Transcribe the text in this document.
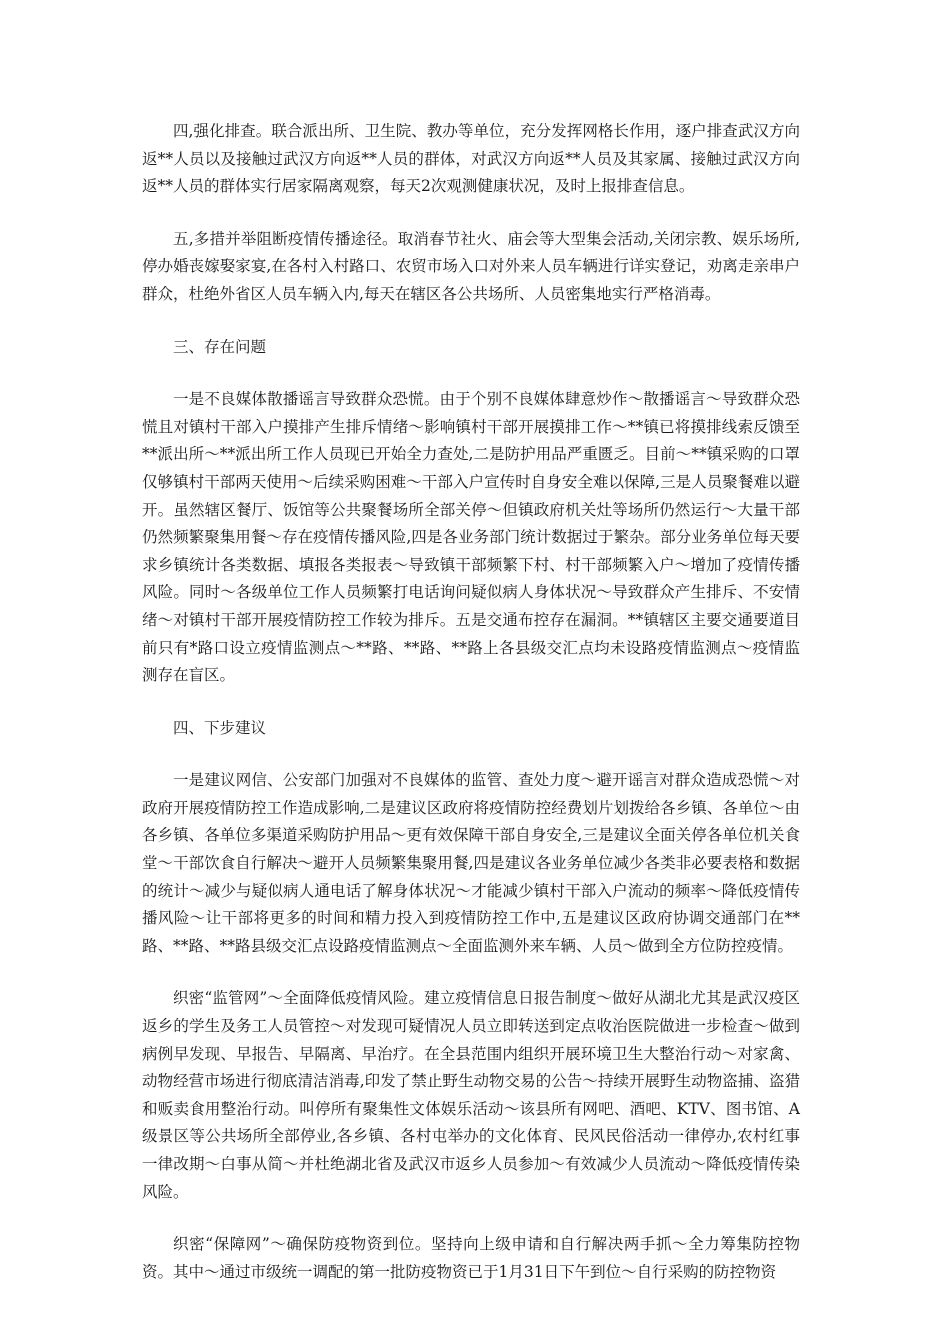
四,强化排查。联合派出所、卫生院、教办等单位，充分发挥网格长作用，逐户排查武汉方向返**人员以及接触过武汉方向返**人员的群体，对武汉方向返**人员及其家属、接触过武汉方向返**人员的群体实行居家隔离观察，每天2次观测健康状况，及时上报排查信息。

五,多措并举阻断疫情传播途径。取消春节社火、庙会等大型集会活动,关闭宗教、娱乐场所,停办婚丧嫁娶家宴,在各村入村路口、农贸市场入口对外来人员车辆进行详实登记，劝离走亲串户群众，杜绝外省区人员车辆入内,每天在辖区各公共场所、人员密集地实行严格消毒。

三、存在问题

一是不良媒体散播谣言导致群众恐慌。由于个别不良媒体肆意炒作～散播谣言～导致群众恐慌且对镇村干部入户摸排产生排斥情绪～影响镇村干部开展摸排工作～**镇已将摸排线索反馈至**派出所～**派出所工作人员现已开始全力查处,二是防护用品严重匮乏。目前～**镇采购的口罩仅够镇村干部两天使用～后续采购困难～干部入户宣传时自身安全难以保障,三是人员聚餐难以避开。虽然辖区餐厅、饭馆等公共聚餐场所全部关停～但镇政府机关灶等场所仍然运行～大量干部仍然频繁聚集用餐～存在疫情传播风险,四是各业务部门统计数据过于繁杂。部分业务单位每天要求乡镇统计各类数据、填报各类报表～导致镇干部频繁下村、村干部频繁入户～增加了疫情传播风险。同时～各级单位工作人员频繁打电话询问疑似病人身体状况～导致群众产生排斥、不安情绪～对镇村干部开展疫情防控工作较为排斥。五是交通布控存在漏洞。**镇辖区主要交通要道目前只有*路口设立疫情监测点～**路、**路、**路上各县级交汇点均未设路疫情监测点～疫情监测存在盲区。

四、下步建议

一是建议网信、公安部门加强对不良媒体的监管、查处力度～避开谣言对群众造成恐慌～对政府开展疫情防控工作造成影响,二是建议区政府将疫情防控经费划片划拨给各乡镇、各单位～由各乡镇、各单位多渠道采购防护用品～更有效保障干部自身安全,三是建议全面关停各单位机关食堂～干部饮食自行解决～避开人员频繁集聚用餐,四是建议各业务单位减少各类非必要表格和数据的统计～减少与疑似病人通电话了解身体状况～才能减少镇村干部入户流动的频率～降低疫情传播风险～让干部将更多的时间和精力投入到疫情防控工作中,五是建议区政府协调交通部门在**路、**路、**路县级交汇点设路疫情监测点～全面监测外来车辆、人员～做到全方位防控疫情。

织密“监管网”～全面降低疫情风险。建立疫情信息日报告制度～做好从湖北尤其是武汉疫区返乡的学生及务工人员管控～对发现可疑情况人员立即转送到定点收治医院做进一步检查～做到病例早发现、早报告、早隔离、早治疗。在全县范围内组织开展环境卫生大整治行动～对家禽、动物经营市场进行彻底清洁消毒,印发了禁止野生动物交易的公告～持续开展野生动物盗捕、盗猎和贩卖食用整治行动。叫停所有聚集性文体娱乐活动～该县所有网吧、酒吧、KTV、图书馆、A级景区等公共场所全部停业,各乡镇、各村屯举办的文化体育、民风民俗活动一律停办,农村红事一律改期～白事从简～并杜绝湖北省及武汉市返乡人员参加～有效减少人员流动～降低疫情传染风险。

织密“保障网”～确保防疫物资到位。坚持向上级申请和自行解决两手抓～全力筹集防控物资。其中～通过市级统一调配的第一批防疫物资已于1月31日下午到位～自行采购的防控物资
